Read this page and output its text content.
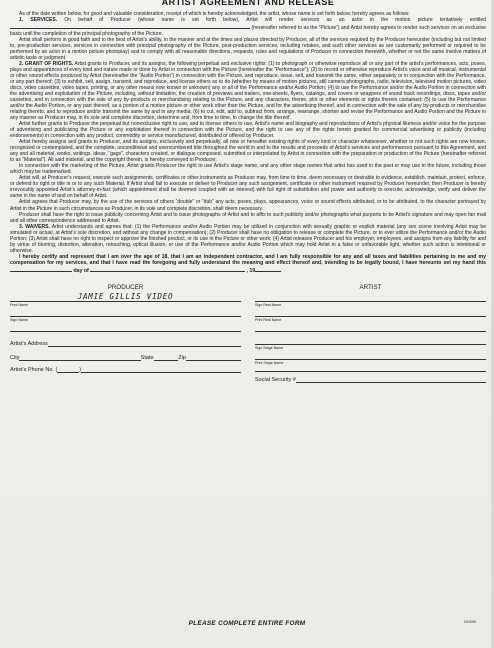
ARTIST AGREEMENT AND RELEASE

As of the date written below, for good and valuable consideration, receipt of which is hereby acknowledged, the artist, whose name is set forth below, hereby agrees as follows:

1. SERVICES. On behalf of Producer (whose name is set forth below), Artist will render services as an actor in the motion picture tentatively entitled  (hereinafter referred to as the “Picture”) and Artist hereby agrees to render such services on an exclusive basis until the completion of the principal photography of the Picture.

Artist shall perform in good faith and to the best of Artist’s ability, in the manner and at the times and places directed by Producer, all of the services required by the Producer hereunder (including but not limited to, pre-production services, services in connection with principal photography of the Picture, post-production services, including retakes, and such other services as are customarily performed or required to be performed by an actor in a motion picture photoplay) and to comply with all reasonable directions, requests, rules and regulations of Producer in connection therewith, whether or not the same involve matters of artistic taste or judgment.

2. GRANT OF RIGHTS. Artist grants to Producer, and its assigns, the following perpetual and exclusive rights: (1) to photograph or otherwise reproduce all or any part of the artist’s performances, acts, poses, plays and appearances of every kind and nature made or done by Artist in connection with the Picture (hereinafter the “Performance”); (2) to record or otherwise reproduce Artist’s voice and all musical, instrumental or other sound effects produced by Artist (hereinafter the “Audio Portion”) in connection with the Picture, and reproduce, issue, sell, and transmit the same, either separately or in conjunction with the Performance, or any part thereof; (3) to exhibit, sell, assign, transmit, and reproduce, and license others so to do (whether by means of motion pictures, still camera photographs, radio, television, televised motion pictures, video discs, video cassettes, video tapes, printing, or any other means now known or unknown) any or all of the Performance and/or Audio Portion; (4) to use the Performance and/or the Audio Portion in connection with the advertising and exploitation of the Picture, including, without limitation, the creation of previews and trailers, one-sheets, flyers, catalogs, and covers or wrappers of sound track recordings, discs, tapes and/or cassettes, and in connection with the sale of any by-products or merchandising relating to the Picture, and any characters, theme, plot or other elements or rights therein contained; (5) to use the Performance and/or the Audio Portion, or any part thereof, as a portion of a motion picture or other work other than the Picture, and for the advertising thereof, and in connection with the sale of any by-products or merchandise relating thereto, and to reproduce and/or transmit the same by and in any media; (6) to cut, edit, add to, subtract from, arrange, rearrange, shorten and revise the Performance and Audio Portion and the Picture in any manner as Producer may, in its sole and complete discretion, determine and, from time to time, to change the title thereof.

Artist further grants to Producer the perpetual but nonexclusive right to use, and to license others to use, Artist’s name and biography and reproductions of Artist’s physical likeness and/or voice for the purpose of advertising and publicizing the Picture or any exploitation thereof in connection with the Picture, and the right to use any of the rights herein granted for commercial advertising or publicity (including endorsements) in connection with any product, commodity or service manufactured, distributed or offered by Producer.

Artist hereby assigns and grants to Producer, and its assigns, exclusively and perpetually, all now or hereafter existing rights of every kind or character whatsoever, whether or not such rights are now known, recognized or contemplated, and the complete, unconditional and unencumbered title throughout the world in and to the results and proceeds of Artist’s services and performances pursuant to this Agreement, and any and all material, works, writings, ideas, “gags”, characters created, or dialogue composed, submitted or interpolated by Artist in connection with the preparation or production of the Picture (hereinafter referred to as “Material”). All said material, and the copyright therein, is hereby conveyed to Producer.

In connection with the marketing of the Picture, Artist grants Producer the right to use Artist’s stage name, and any other stage names that artist has used in the past or may use in the future, including those which may be trademarked.

Artist will, at Producer’s request, execute such assignments, certificates or other instruments as Producer may, from time to time, deem necessary or desirable to evidence, establish, maintain, protect, enforce, or defend its right or title in or to any such Material. If Artist shall fail to execute or deliver to Producer any such assignment, certificate or other instrument required by Producer hereunder, then Producer is hereby irrevocably appointed Artist’s attorney-in-fact (which appointment shall be deemed coupled with an interest) with full right of substitution and power and authority to execute, acknowledge, verify and deliver the same in the name of and on behalf of Artist.

Artist agrees that Producer may, by the use of the services of others “double” or “dub” any acts, poses, plays, appearances, voice or sound effects attributed, or to be attributed, to the character portrayed by Artist in the Picture in such circumstances as Producer, in its sole and complete discretion, shall deem necessary.

Producer shall have the right to issue publicity concerning Artist and to issue photographs of Artist and to affix to such publicity and/or photographs what purports to be Artist’s signature and may open fan mail and all other correspondence addressed to Artist.

3. WAIVERS. Artist understands and agrees that: (1) the Performance and/or Audio Portion may be utilized in conjunction with sexually graphic or explicit material (any sex scene involving Artist may be simulated or actual, at Artist’s sole discretion, and without any change in compensation); (2) Producer shall have no obligation to release or complete the Picture, or to ever utilize the Performance and/or the Audio Portion; (3) Artist shall have no right to inspect or approve the finished product, or its use in the Picture or other work; (4) Artist releases Producer and his employer, employees, and assigns from any liability for and by virtue of blurring, distortion, alteration, retouching, optical illusion, or use of the Performance and/or Audio Portion which may hold Artist in a false or unfavorable light, whether such action is intentional or otherwise.

I hereby certify and represent that I am over the age of 18, that I am an independent contractor, and I am fully responsible for any and all taxes and liabilities pertaining to me and my compensation for my services, and that I have read the foregoing and fully understand the meaning and effect thereof and, intending to be legally bound, I have hereunto set my hand this  day of	, 19

PRODUCER
JAMIE GILLIS VIDEO
Print Name
Sign Name
Artist’s Address
City	State	Zip
Artist’s Phone No. (	)
ARTIST
Sign Real Name
Print Real Name
Sign Stage Name
Print Stage Name
Social Security #
PLEASE COMPLETE ENTIRE FORM	V2/4/90
